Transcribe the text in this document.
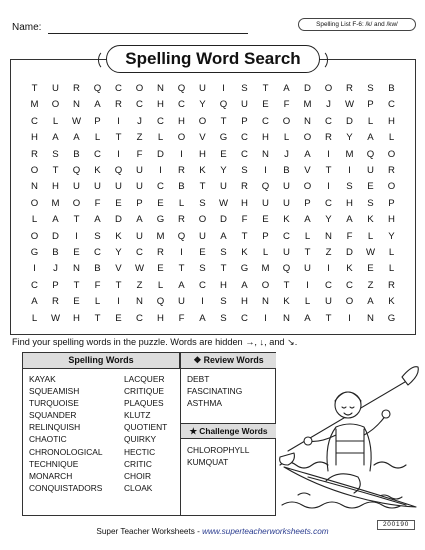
Name:	Spelling List F-6: /k/ and /kw/
Spelling Word Search
T	U	R	Q	C	O	N	Q	U	I	S	T	A	D	O	R	S	B
M	O	N	A	R	C	H	C	Y	Q	U	E	F	M	J	W	P	C
C	L	W	P	I	J	C	H	O	T	P	C	O	N	C	D	L	H
H	A	A	L	T	Z	L	O	V	G	C	H	L	O	R	Y	A	L
R	S	B	C	I	F	D	I	H	E	C	N	J	A	I	M	Q	O
O	T	Q	K	Q	U	I	R	K	Y	S	I	B	V	T	I	U	R
N	H	U	U	U	U	C	B	T	U	R	Q	U	O	I	S	E	O
O	M	O	F	E	P	E	L	S	W	H	U	U	P	C	H	S	P
L	A	T	A	D	A	G	R	O	D	F	E	K	A	Y	A	K	H
O	D	I	S	K	U	M	Q	U	A	T	P	C	L	N	F	L	Y
G	B	E	C	Y	C	R	I	E	S	K	L	U	T	Z	D	W	L
I	J	N	B	V	W	E	T	S	T	G	M	Q	U	I	K	E	L
C	P	T	F	T	Z	L	A	C	H	A	O	T	I	C	C	Z	R
A	R	E	L	I	N	Q	U	I	S	H	N	K	L	U	O	A	K
L	W	H	T	E	C	H	F	A	S	C	I	N	A	T	I	N	G
Find your spelling words in the puzzle. Words are hidden →, ↓, and ↘.
Spelling Words
KAYAK
SQUEAMISH
TURQUOISE
SQUANDER
RELINQUISH
CHAOTIC
CHRONOLOGICAL
TECHNIQUE
MONARCH
CONQUISTADORS
LACQUER
CRITIQUE
PLAQUES
KLUTZ
QUOTIENT
QUIRKY
HECTIC
CRITIC
CHOIR
CLOAK
❖ Review Words
DEBT
FASCINATING
ASTHMA
★ Challenge Words
CHLOROPHYLL
KUMQUAT
Super Teacher Worksheets - www.superteacherworksheets.com
200190
